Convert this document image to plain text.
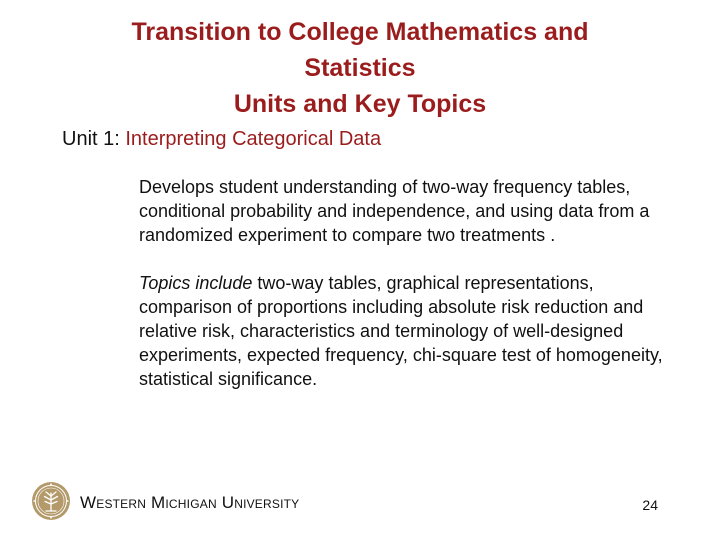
Transition to College Mathematics and
Statistics
Units and Key Topics
Unit 1: Interpreting Categorical Data

Develops student understanding of two-way frequency tables, conditional probability and independence, and using data from a randomized experiment to compare two treatments .

Topics include two-way tables, graphical representations, comparison of proportions including absolute risk reduction and relative risk, characteristics and terminology of well-designed experiments, expected frequency, chi-square test of homogeneity, statistical significance.

Western Michigan University	24
